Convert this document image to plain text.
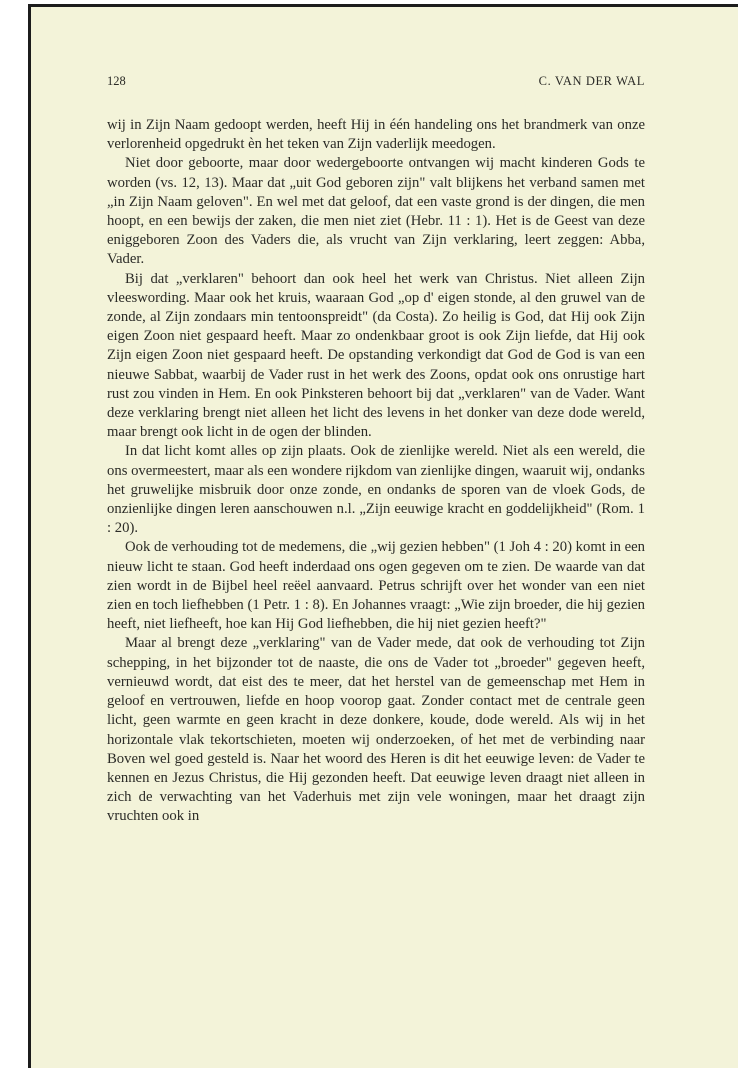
128	C. VAN DER WAL

wij in Zijn Naam gedoopt werden, heeft Hij in één handeling ons het brandmerk van onze verlorenheid opgedrukt èn het teken van Zijn vaderlijk meedogen.

Niet door geboorte, maar door wedergeboorte ontvangen wij macht kinderen Gods te worden (vs. 12, 13). Maar dat „uit God geboren zijn" valt blijkens het verband samen met „in Zijn Naam geloven". En wel met dat geloof, dat een vaste grond is der dingen, die men hoopt, en een bewijs der zaken, die men niet ziet (Hebr. 11 : 1). Het is de Geest van deze eniggeboren Zoon des Vaders die, als vrucht van Zijn verklaring, leert zeggen: Abba, Vader.

Bij dat „verklaren" behoort dan ook heel het werk van Christus. Niet alleen Zijn vleeswording. Maar ook het kruis, waaraan God „op d' eigen stonde, al den gruwel van de zonde, al Zijn zondaars min tentoonspreidt" (da Costa). Zo heilig is God, dat Hij ook Zijn eigen Zoon niet gespaard heeft. Maar zo ondenkbaar groot is ook Zijn liefde, dat Hij ook Zijn eigen Zoon niet gespaard heeft. De opstanding verkondigt dat God de God is van een nieuwe Sabbat, waarbij de Vader rust in het werk des Zoons, opdat ook ons onrustige hart rust zou vinden in Hem. En ook Pinksteren behoort bij dat „verklaren" van de Vader. Want deze verklaring brengt niet alleen het licht des levens in het donker van deze dode wereld, maar brengt ook licht in de ogen der blinden.

In dat licht komt alles op zijn plaats. Ook de zienlijke wereld. Niet als een wereld, die ons overmeestert, maar als een wondere rijkdom van zienlijke dingen, waaruit wij, ondanks het gruwelijke misbruik door onze zonde, en ondanks de sporen van de vloek Gods, de onzienlijke dingen leren aanschouwen n.l. „Zijn eeuwige kracht en goddelijkheid" (Rom. 1 : 20).

Ook de verhouding tot de medemens, die „wij gezien hebben" (1 Joh 4 : 20) komt in een nieuw licht te staan. God heeft inderdaad ons ogen gegeven om te zien. De waarde van dat zien wordt in de Bijbel heel reëel aanvaard. Petrus schrijft over het wonder van een niet zien en toch liefhebben (1 Petr. 1 : 8). En Johannes vraagt: „Wie zijn broeder, die hij gezien heeft, niet liefheeft, hoe kan Hij God liefhebben, die hij niet gezien heeft?"

Maar al brengt deze „verklaring" van de Vader mede, dat ook de verhouding tot Zijn schepping, in het bijzonder tot de naaste, die ons de Vader tot „broeder" gegeven heeft, vernieuwd wordt, dat eist des te meer, dat het herstel van de gemeenschap met Hem in geloof en vertrouwen, liefde en hoop voorop gaat. Zonder contact met de centrale geen licht, geen warmte en geen kracht in deze donkere, koude, dode wereld. Als wij in het horizontale vlak tekortschieten, moeten wij onderzoeken, of het met de verbinding naar Boven wel goed gesteld is. Naar het woord des Heren is dit het eeuwige leven: de Vader te kennen en Jezus Christus, die Hij gezonden heeft. Dat eeuwige leven draagt niet alleen in zich de verwachting van het Vaderhuis met zijn vele woningen, maar het draagt zijn vruchten ook in
